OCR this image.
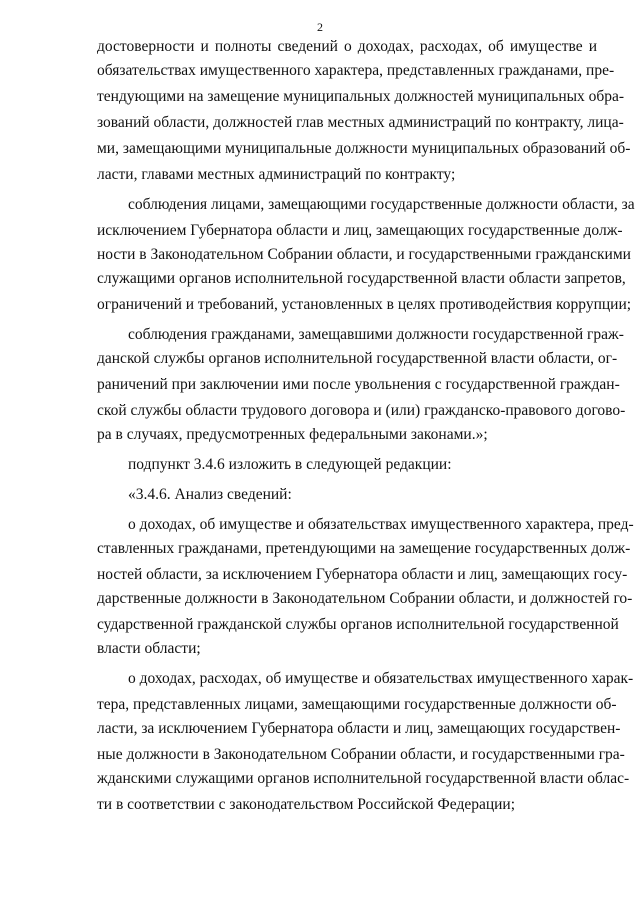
2
достоверности и полноты сведений о доходах, расходах, об имуществе и
обязательствах имущественного характера, представленных гражданами, пре-
тендующими на замещение муниципальных должностей муниципальных обра-
зований области, должностей глав местных администраций по контракту, лица-
ми, замещающими муниципальные должности муниципальных образований об-
ласти, главами местных администраций по контракту;
соблюдения лицами, замещающими государственные должности области, за
исключением Губернатора области и лиц, замещающих государственные долж-
ности в Законодательном Собрании области, и государственными гражданскими
служащими органов исполнительной государственной власти области запретов,
ограничений и требований, установленных в целях противодействия коррупции;
соблюдения гражданами, замещавшими должности государственной граж-
данской службы органов исполнительной государственной власти области, ог-
раничений при заключении ими после увольнения с государственной граждан-
ской службы области трудового договора и (или) гражданско-правового догово-
ра в случаях, предусмотренных федеральными законами.»;
подпункт 3.4.6 изложить в следующей редакции:
«3.4.6. Анализ сведений:
о доходах, об имуществе и обязательствах имущественного характера, пред-
ставленных гражданами, претендующими на замещение государственных долж-
ностей области, за исключением Губернатора области и лиц, замещающих госу-
дарственные должности в Законодательном Собрании области, и должностей го-
сударственной гражданской службы органов исполнительной государственной
власти области;
о доходах, расходах, об имуществе и обязательствах имущественного харак-
тера, представленных лицами, замещающими государственные должности об-
ласти, за исключением Губернатора области и лиц, замещающих государствен-
ные должности в Законодательном Собрании области, и государственными гра-
жданскими служащими органов исполнительной государственной власти облас-
ти в соответствии с законодательством Российской Федерации;
